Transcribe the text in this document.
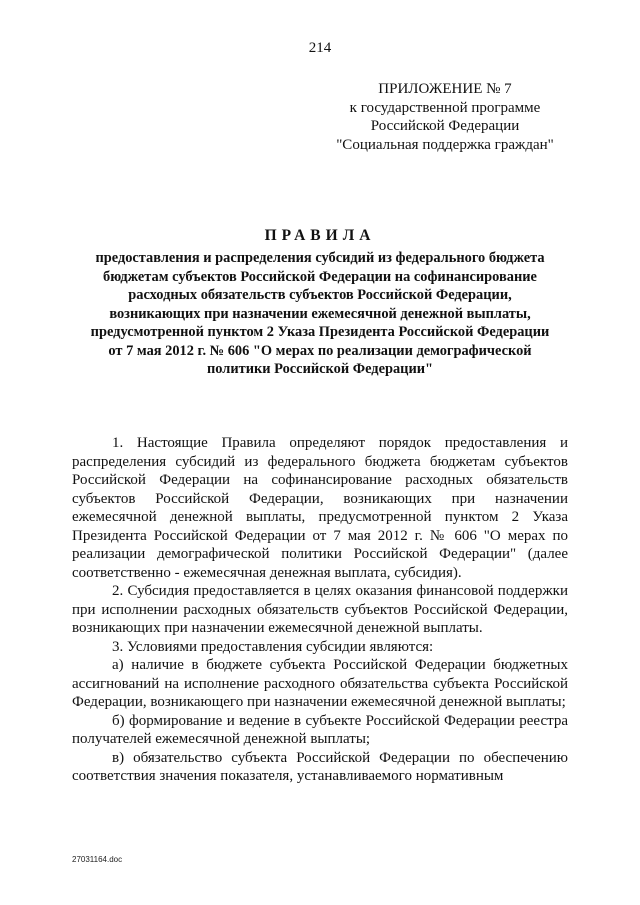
214
ПРИЛОЖЕНИЕ № 7
к государственной программе
Российской Федерации
"Социальная поддержка граждан"
ПРАВИЛА
предоставления и распределения субсидий из федерального бюджета
бюджетам субъектов Российской Федерации на софинансирование
расходных обязательств субъектов Российской Федерации,
возникающих при назначении ежемесячной денежной выплаты,
предусмотренной пунктом 2 Указа Президента Российской Федерации
от 7 мая 2012 г. № 606 "О мерах по реализации демографической
политики Российской Федерации"

1. Настоящие Правила определяют порядок предоставления и распределения субсидий из федерального бюджета бюджетам субъектов Российской Федерации на софинансирование расходных обязательств субъектов Российской Федерации, возникающих при назначении ежемесячной денежной выплаты, предусмотренной пунктом 2 Указа Президента Российской Федерации от 7 мая 2012 г. № 606 "О мерах по реализации демографической политики Российской Федерации" (далее соответственно - ежемесячная денежная выплата, субсидия).

2. Субсидия предоставляется в целях оказания финансовой поддержки при исполнении расходных обязательств субъектов Российской Федерации, возникающих при назначении ежемесячной денежной выплаты.

3. Условиями предоставления субсидии являются:

а) наличие в бюджете субъекта Российской Федерации бюджетных ассигнований на исполнение расходного обязательства субъекта Российской Федерации, возникающего при назначении ежемесячной денежной выплаты;

б) формирование и ведение в субъекте Российской Федерации реестра получателей ежемесячной денежной выплаты;

в) обязательство субъекта Российской Федерации по обеспечению соответствия значения показателя, устанавливаемого нормативным

27031164.doc
